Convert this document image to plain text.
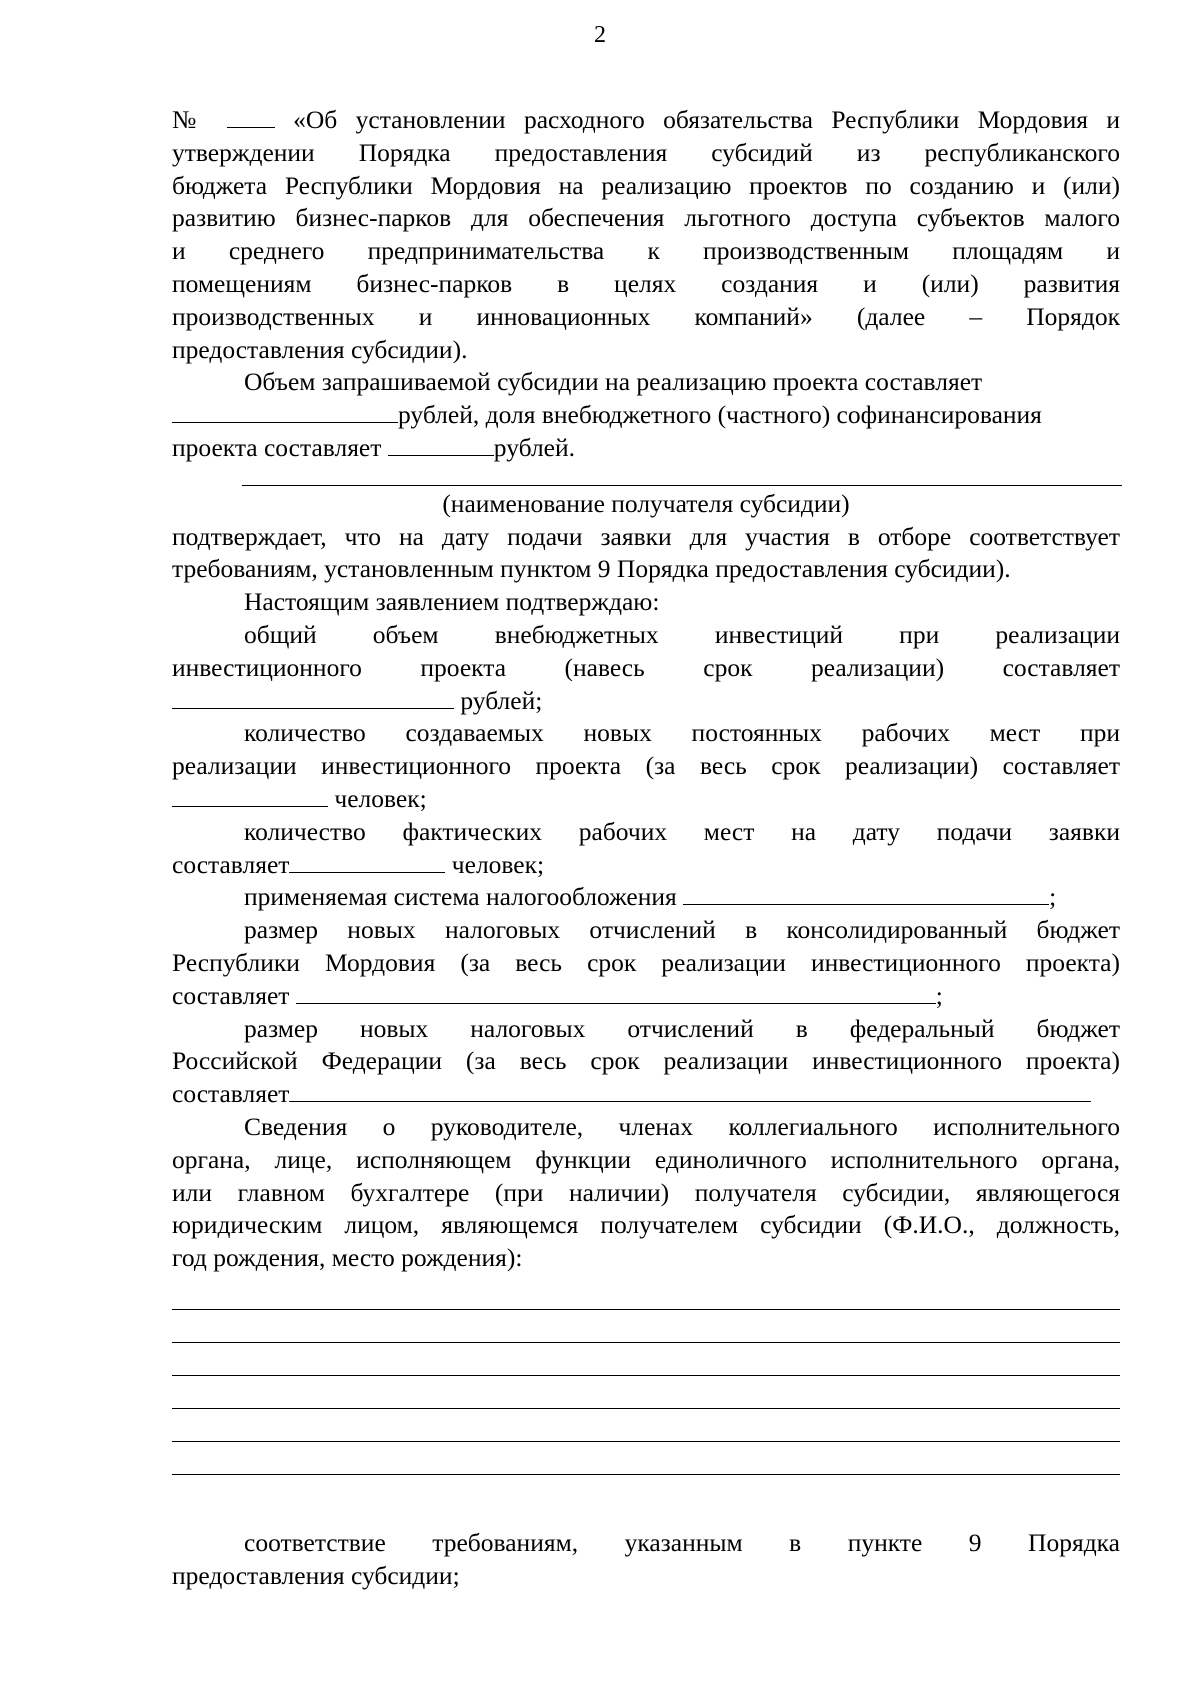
2

№	«Об установлении расходного обязательства Республики Мордовия и

утверждении Порядка предоставления субсидий из республиканского

бюджета Республики Мордовия на реализацию проектов по созданию и (или)

развитию бизнес-парков для обеспечения льготного доступа субъектов малого

и среднего предпринимательства к производственным площадям и

помещениям бизнес-парков в целях создания и (или) развития

производственных и инновационных компаний» (далее – Порядок

предоставления субсидии).

Объем запрашиваемой субсидии на реализацию проекта составляет

рублей, доля внебюджетного (частного) софинансирования

проекта составляет	рублей.

(наименование получателя субсидии)

подтверждает, что на дату подачи заявки для участия в отборе соответствует

требованиям, установленным пунктом 9 Порядка предоставления субсидии).

Настоящим заявлением подтверждаю:

общий объем внебюджетных инвестиций при реализации

инвестиционного проекта (навесь срок реализации) составляет

рублей;

количество создаваемых новых постоянных рабочих мест при

реализации инвестиционного проекта (за весь срок реализации) составляет

человек;

количество фактических рабочих мест на дату подачи заявки

составляет	человек;

применяемая система налогообложения	;

размер новых налоговых отчислений в консолидированный бюджет

Республики Мордовия (за весь срок реализации инвестиционного проекта)

составляет	;

размер новых налоговых отчислений в федеральный бюджет

Российской Федерации (за весь срок реализации инвестиционного проекта)

составляет

Сведения о руководителе, членах коллегиального исполнительного

органа, лице, исполняющем функции единоличного исполнительного органа,

или главном бухгалтере (при наличии) получателя субсидии, являющегося

юридическим лицом, являющемся получателем субсидии (Ф.И.О., должность,

год рождения, место рождения):

соответствие требованиям, указанным в пункте 9 Порядка

предоставления субсидии;
